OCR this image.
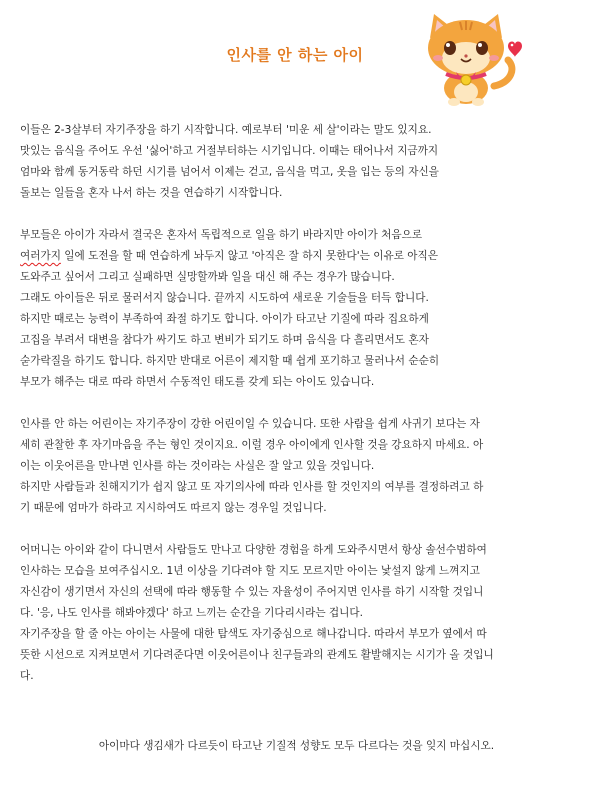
인사를 안 하는 아이
이들은 2-3살부터 자기주장을 하기 시작합니다. 예로부터 '미운 세 살'이라는 말도 있지요.
맛있는 음식을 주어도 우선 '싫어'하고 거절부터하는 시기입니다. 이때는 태어나서 지금까지
엄마와 함께 동거동락 하던 시기를 넘어서 이제는 걷고, 음식을 먹고, 옷을 입는 등의 자신을
돌보는 일들을 혼자 나서 하는 것을 연습하기 시작합니다.
부모들은 아이가 자라서 결국은 혼자서 독립적으로 일을 하기 바라지만 아이가 처음으로
여러가지 일에 도전을 할 때 연습하게 놔두지 않고 '아직은 잘 하지 못한다'는 이유로 아직은
도와주고 싶어서 그리고 실패하면 실망할까봐 일을 대신 해 주는 경우가 많습니다.
그래도 아이들은 뒤로 물러서지 않습니다. 끝까지 시도하여 새로운 기술들을 터득 합니다.
하지만 때로는 능력이 부족하여 좌절 하기도 합니다. 아이가 타고난 기질에 따라 집요하게
고집을 부려서 대변을 참다가 싸기도 하고 변비가 되기도 하며 음식을 다 흘리면서도 혼자
숟가락질을 하기도 합니다. 하지만 반대로 어른이 제지할 때 쉽게 포기하고 물러나서 순순히
부모가 해주는 대로 따라 하면서 수동적인 태도를 갖게 되는 아이도 있습니다.
인사를 안 하는 어린이는 자기주장이 강한 어린이일 수 있습니다. 또한 사람을 쉽게 사귀기 보다는 자
세히 관찰한 후 자기마음을 주는 형인 것이지요. 이럴 경우 아이에게 인사할 것을 강요하지 마세요. 아
이는 이웃어른을 만나면 인사를 하는 것이라는 사실은 잘 알고 있을 것입니다.
하지만 사람들과 친해지기가 쉽지 않고 또 자기의사에 따라 인사를 할 것인지의 여부를 결정하려고 하
기 때문에 엄마가 하라고 지시하여도 따르지 않는 경우일 것입니다.
어머니는 아이와 같이 다니면서 사람들도 만나고 다양한 경험을 하게 도와주시면서 항상 솔선수범하여
인사하는 모습을 보여주십시오. 1년 이상을 기다려야 할 지도 모르지만 아이는 낯설지 않게 느껴지고
자신감이 생기면서 자신의 선택에 따라 행동할 수 있는 자율성이 주어지면 인사를 하기 시작할 것입니
다. '응, 나도 인사를 해봐야겠다' 하고 느끼는 순간을 기다리시라는 겁니다.
자기주장을 할 줄 아는 아이는 사물에 대한 탐색도 자기중심으로 해나갑니다. 따라서 부모가 옆에서 따
뜻한 시선으로 지켜보면서 기다려준다면 이웃어른이나 친구들과의 관계도 활발해지는 시기가 올 것입니
다.
아이마다 생김새가 다르듯이 타고난 기질적 성향도 모두 다르다는 것을 잊지 마십시오.
